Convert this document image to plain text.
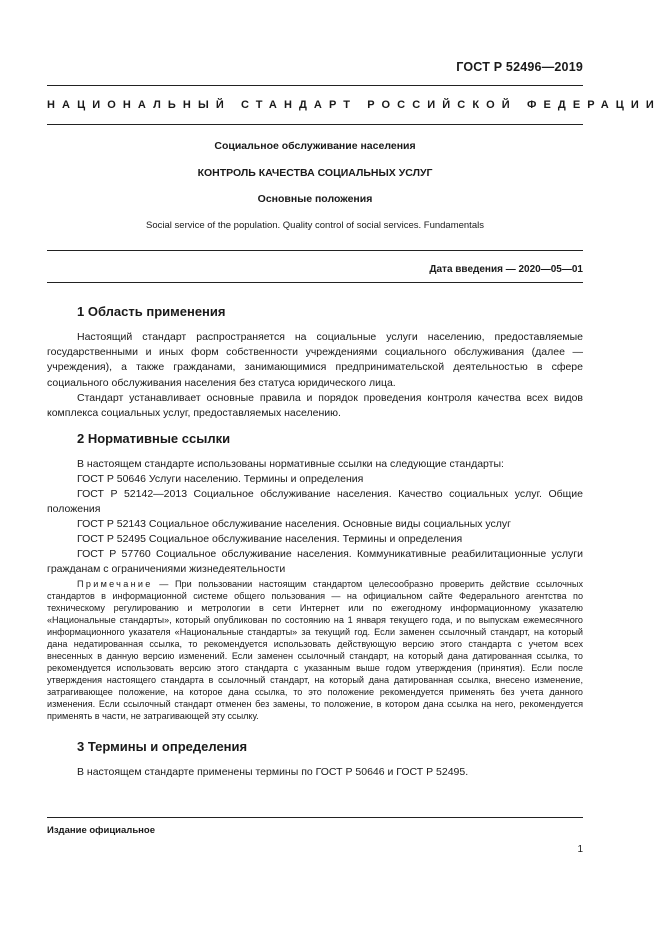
ГОСТ Р 52496—2019
НАЦИОНАЛЬНЫЙ СТАНДАРТ РОССИЙСКОЙ ФЕДЕРАЦИИ
Социальное обслуживание населения
КОНТРОЛЬ КАЧЕСТВА СОЦИАЛЬНЫХ УСЛУГ
Основные положения
Social service of the population. Quality control of social services. Fundamentals
Дата введения — 2020—05—01
1 Область применения
Настоящий стандарт распространяется на социальные услуги населению, предоставляемые государственными и иных форм собственности учреждениями социального обслуживания (далее — учреждения), а также гражданами, занимающимися предпринимательской деятельностью в сфере социального обслуживания населения без статуса юридического лица.
Стандарт устанавливает основные правила и порядок проведения контроля качества всех видов комплекса социальных услуг, предоставляемых населению.
2 Нормативные ссылки
В настоящем стандарте использованы нормативные ссылки на следующие стандарты:
ГОСТ Р 50646 Услуги населению. Термины и определения
ГОСТ Р 52142—2013 Социальное обслуживание населения. Качество социальных услуг. Общие положения
ГОСТ Р 52143 Социальное обслуживание населения. Основные виды социальных услуг
ГОСТ Р 52495 Социальное обслуживание населения. Термины и определения
ГОСТ Р 57760 Социальное обслуживание населения. Коммуникативные реабилитационные услуги гражданам с ограничениями жизнедеятельности
Примечание — При пользовании настоящим стандартом целесообразно проверить действие ссылочных стандартов в информационной системе общего пользования — на официальном сайте Федерального агентства по техническому регулированию и метрологии в сети Интернет или по ежегодному информационному указателю «Национальные стандарты», который опубликован по состоянию на 1 января текущего года, и по выпускам ежемесячного информационного указателя «Национальные стандарты» за текущий год. Если заменен ссылочный стандарт, на который дана недатированная ссылка, то рекомендуется использовать действующую версию этого стандарта с учетом всех внесенных в данную версию изменений. Если заменен ссылочный стандарт, на который дана датированная ссылка, то рекомендуется использовать версию этого стандарта с указанным выше годом утверждения (принятия). Если после утверждения настоящего стандарта в ссылочный стандарт, на который дана датированная ссылка, внесено изменение, затрагивающее положение, на которое дана ссылка, то это положение рекомендуется применять без учета данного изменения. Если ссылочный стандарт отменен без замены, то положение, в котором дана ссылка на него, рекомендуется применять в части, не затрагивающей эту ссылку.
3 Термины и определения
В настоящем стандарте применены термины по ГОСТ Р 50646 и ГОСТ Р 52495.
Издание официальное
1
